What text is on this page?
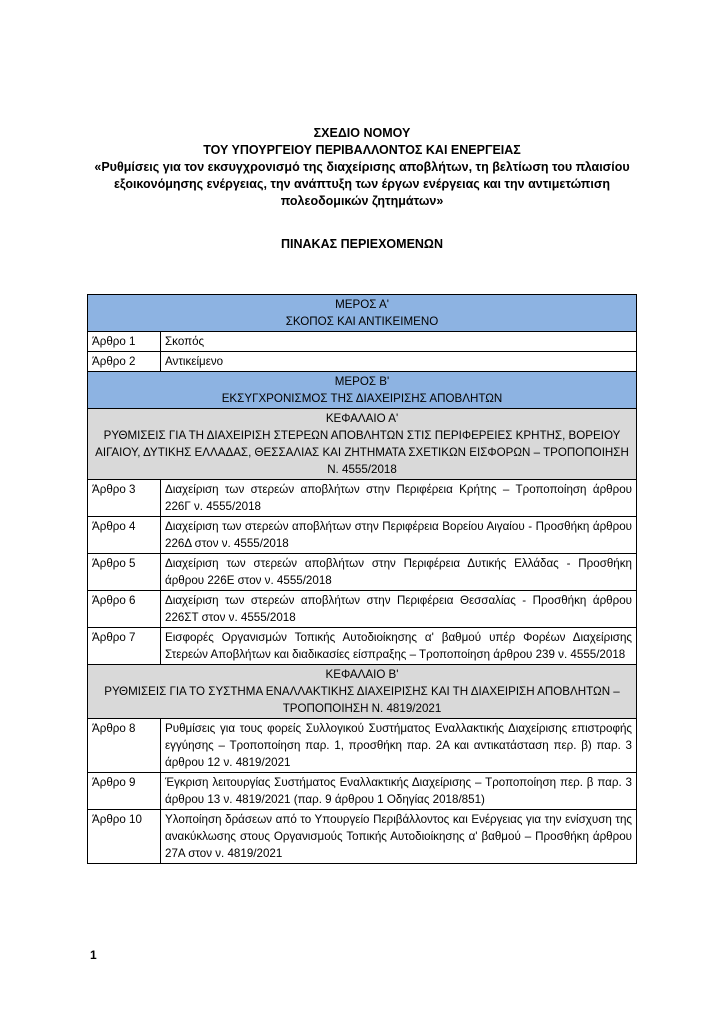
ΣΧΕΔΙΟ ΝΟΜΟΥ
ΤΟΥ ΥΠΟΥΡΓΕΙΟΥ ΠΕΡΙΒΑΛΛΟΝΤΟΣ ΚΑΙ ΕΝΕΡΓΕΙΑΣ
«Ρυθμίσεις για τον εκσυγχρονισμό της διαχείρισης αποβλήτων, τη βελτίωση του πλαισίου
εξοικονόμησης ενέργειας, την ανάπτυξη των έργων ενέργειας και την αντιμετώπιση
πολεοδομικών ζητημάτων»
ΠΙΝΑΚΑΣ ΠΕΡΙΕΧΟΜΕΝΩΝ
ΜΕΡΟΣ Α'
ΣΚΟΠΟΣ ΚΑΙ ΑΝΤΙΚΕΙΜΕΝΟ	

Άρθρο 1	Σκοπός
Άρθρο 2	Αντικείμενο

ΜΕΡΟΣ Β'
ΕΚΣΥΓΧΡΟΝΙΣΜΟΣ ΤΗΣ ΔΙΑΧΕΙΡΙΣΗΣ ΑΠΟΒΛΗΤΩΝ	

ΚΕΦΑΛΑΙΟ Α'
ΡΥΘΜΙΣΕΙΣ ΓΙΑ ΤΗ ΔΙΑΧΕΙΡΙΣΗ ΣΤΕΡΕΩΝ ΑΠΟΒΛΗΤΩΝ ΣΤΙΣ ΠΕΡΙΦΕΡΕΙΕΣ ΚΡΗΤΗΣ, ΒΟΡΕΙΟΥ ΑΙΓΑΙΟΥ, ΔΥΤΙΚΗΣ ΕΛΛΑΔΑΣ, ΘΕΣΣΑΛΙΑΣ ΚΑΙ ΖΗΤΗΜΑΤΑ ΣΧΕΤΙΚΩΝ ΕΙΣΦΟΡΩΝ – ΤΡΟΠΟΠΟΙΗΣΗ Ν. 4555/2018	

Άρθρο 3	Διαχείριση των στερεών αποβλήτων στην Περιφέρεια Κρήτης – Τροποποίηση άρθρου 226Γ ν. 4555/2018
Άρθρο 4	Διαχείριση των στερεών αποβλήτων στην Περιφέρεια Βορείου Αιγαίου - Προσθήκη άρθρου 226Δ στον ν. 4555/2018
Άρθρο 5	Διαχείριση των στερεών αποβλήτων στην Περιφέρεια Δυτικής Ελλάδας - Προσθήκη άρθρου 226Ε στον ν. 4555/2018
Άρθρο 6	Διαχείριση των στερεών αποβλήτων στην Περιφέρεια Θεσσαλίας - Προσθήκη άρθρου 226ΣΤ στον ν. 4555/2018
Άρθρο 7	Εισφορές Οργανισμών Τοπικής Αυτοδιοίκησης α' βαθμού υπέρ Φορέων Διαχείρισης Στερεών Αποβλήτων και διαδικασίες είσπραξης – Τροποποίηση άρθρου 239 ν. 4555/2018

ΚΕΦΑΛΑΙΟ Β'
ΡΥΘΜΙΣΕΙΣ ΓΙΑ ΤΟ ΣΥΣΤΗΜΑ ΕΝΑΛΛΑΚΤΙΚΗΣ ΔΙΑΧΕΙΡΙΣΗΣ ΚΑΙ ΤΗ ΔΙΑΧΕΙΡΙΣΗ ΑΠΟΒΛΗΤΩΝ – ΤΡΟΠΟΠΟΙΗΣΗ Ν. 4819/2021	

Άρθρο 8	Ρυθμίσεις για τους φορείς Συλλογικού Συστήματος Εναλλακτικής Διαχείρισης επιστροφής εγγύησης – Τροποποίηση παρ. 1, προσθήκη παρ. 2Α και αντικατάσταση περ. β) παρ. 3 άρθρου 12 ν. 4819/2021
Άρθρο 9	Έγκριση λειτουργίας Συστήματος Εναλλακτικής Διαχείρισης – Τροποποίηση περ. β παρ. 3 άρθρου 13 ν. 4819/2021 (παρ. 9 άρθρου 1 Οδηγίας 2018/851)
Άρθρο 10	Υλοποίηση δράσεων από το Υπουργείο Περιβάλλοντος και Ενέργειας για την ενίσχυση της ανακύκλωσης στους Οργανισμούς Τοπικής Αυτοδιοίκησης α' βαθμού – Προσθήκη άρθρου 27Α στον ν. 4819/2021
1
